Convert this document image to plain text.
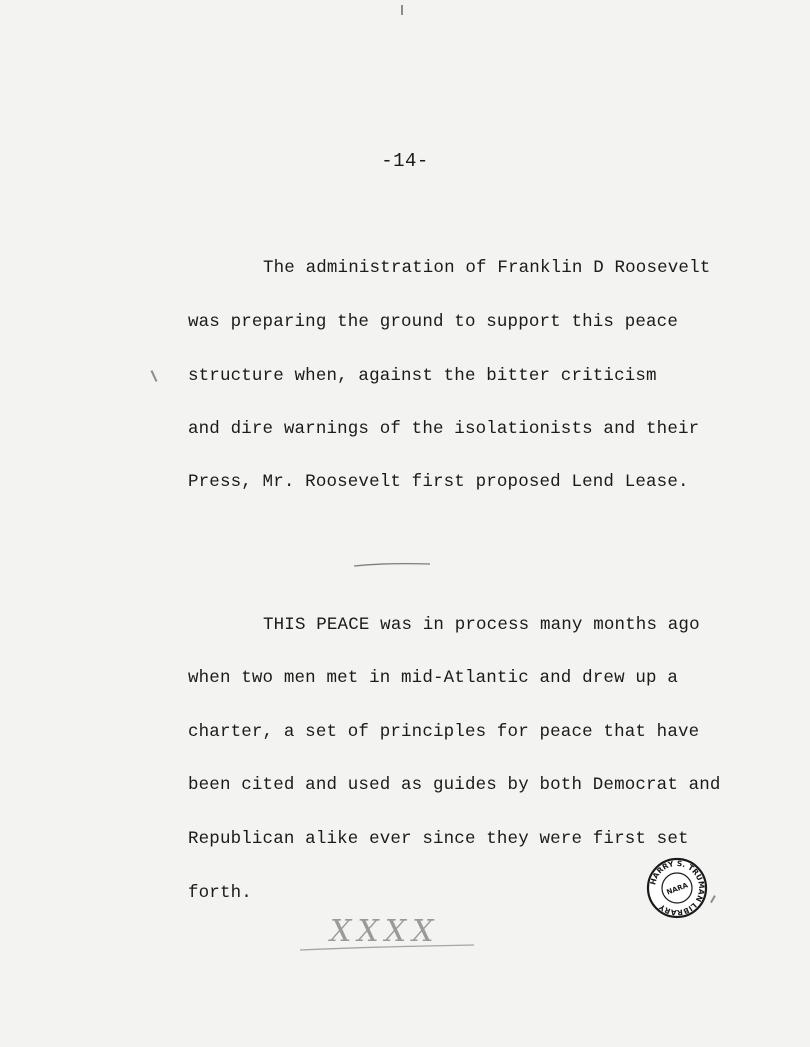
-14-
The administration of Franklin D Roosevelt
was preparing the ground to support this peace
structure when, against the bitter criticism
and dire warnings of the isolationists and their
Press, Mr. Roosevelt first proposed Lend Lease.
THIS PEACE was in process many months ago
when two men met in mid-Atlantic and drew up a
charter, a set of principles for peace that have
been cited and used as guides by both Democrat and
Republican alike ever since they were first set
forth.
HARRY S. TRUMAN LIBRARY
NARA
XXXX
